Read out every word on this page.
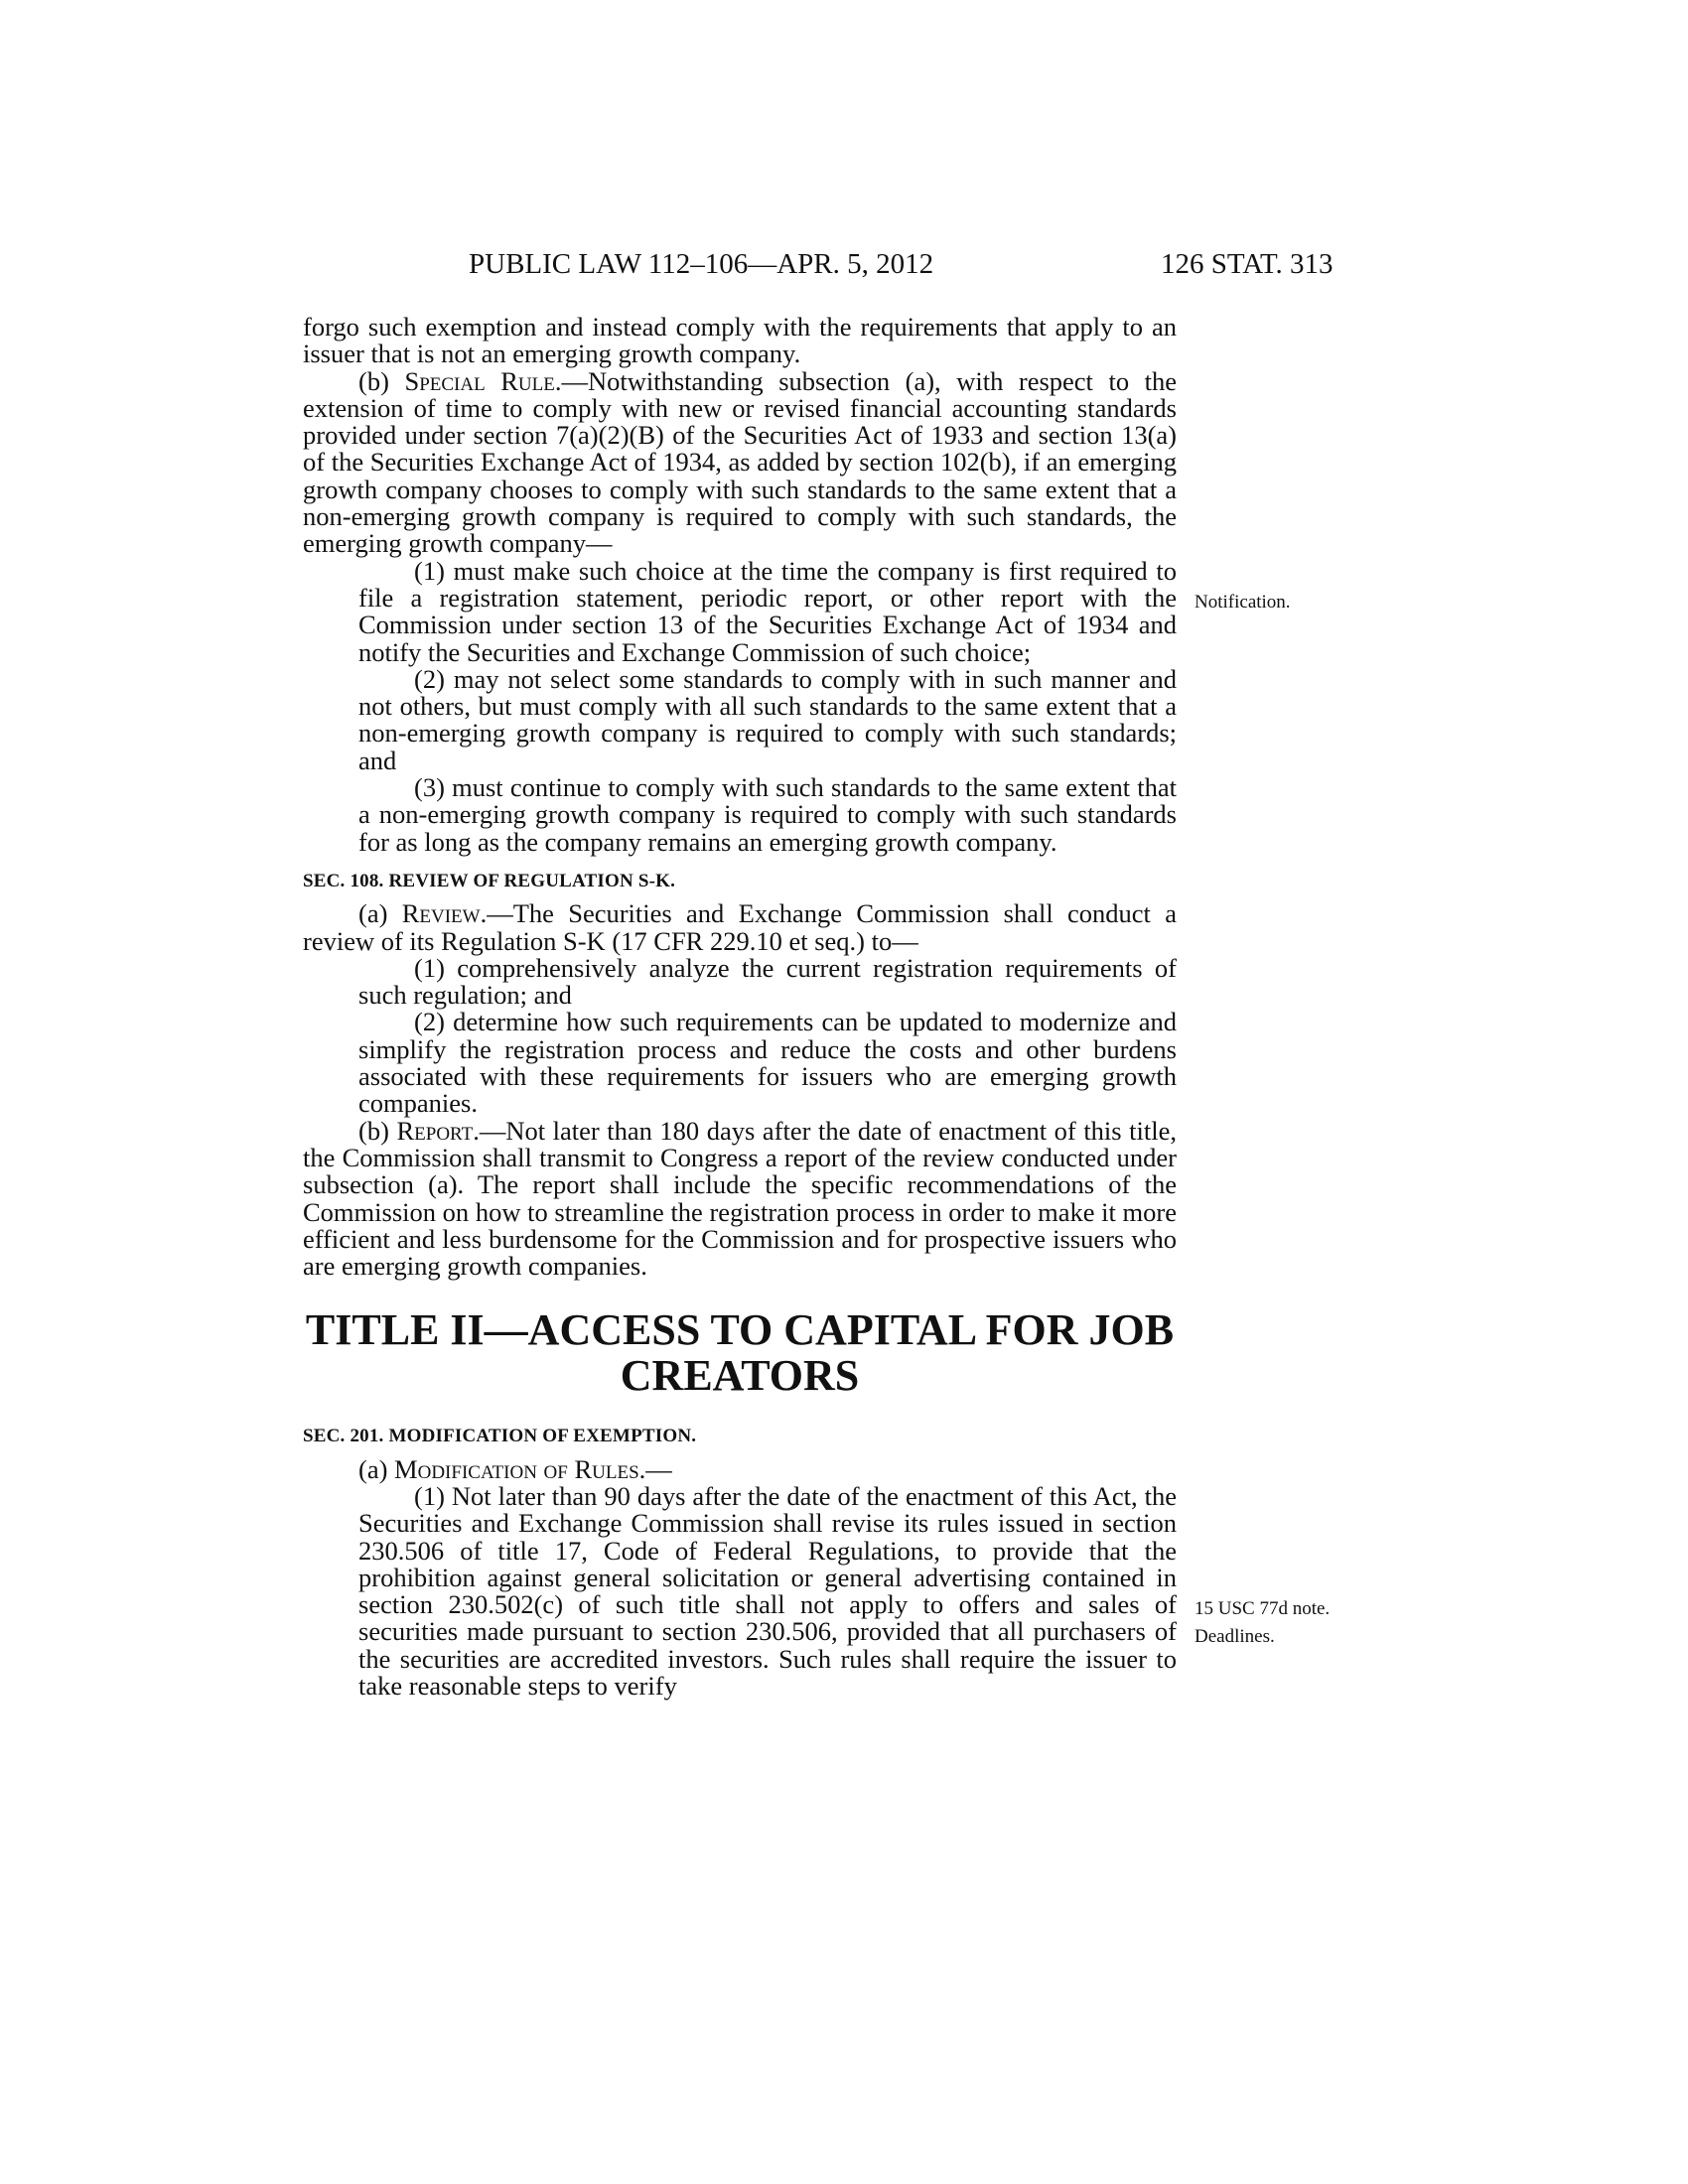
PUBLIC LAW 112–106—APR. 5, 2012	126 STAT. 313

forgo such exemption and instead comply with the requirements that apply to an issuer that is not an emerging growth company.

(b) Special Rule.—Notwithstanding subsection (a), with respect to the extension of time to comply with new or revised financial accounting standards provided under section 7(a)(2)(B) of the Securities Act of 1933 and section 13(a) of the Securities Exchange Act of 1934, as added by section 102(b), if an emerging growth company chooses to comply with such standards to the same extent that a non-emerging growth company is required to comply with such standards, the emerging growth company—

(1) must make such choice at the time the company is first required to file a registration statement, periodic report, or other report with the Commission under section 13 of the Securities Exchange Act of 1934 and notify the Securities and Exchange Commission of such choice;

(2) may not select some standards to comply with in such manner and not others, but must comply with all such standards to the same extent that a non-emerging growth company is required to comply with such standards; and

(3) must continue to comply with such standards to the same extent that a non-emerging growth company is required to comply with such standards for as long as the company remains an emerging growth company.

SEC. 108. REVIEW OF REGULATION S-K.

(a) Review.—The Securities and Exchange Commission shall conduct a review of its Regulation S-K (17 CFR 229.10 et seq.) to—

(1) comprehensively analyze the current registration requirements of such regulation; and

(2) determine how such requirements can be updated to modernize and simplify the registration process and reduce the costs and other burdens associated with these requirements for issuers who are emerging growth companies.

(b) Report.—Not later than 180 days after the date of enactment of this title, the Commission shall transmit to Congress a report of the review conducted under subsection (a). The report shall include the specific recommendations of the Commission on how to streamline the registration process in order to make it more efficient and less burdensome for the Commission and for prospective issuers who are emerging growth companies.

TITLE II—ACCESS TO CAPITAL FOR JOB
CREATORS

SEC. 201. MODIFICATION OF EXEMPTION.

(a) Modification of Rules.—

(1) Not later than 90 days after the date of the enactment of this Act, the Securities and Exchange Commission shall revise its rules issued in section 230.506 of title 17, Code of Federal Regulations, to provide that the prohibition against general solicitation or general advertising contained in section 230.502(c) of such title shall not apply to offers and sales of securities made pursuant to section 230.506, provided that all purchasers of the securities are accredited investors. Such rules shall require the issuer to take reasonable steps to verify

Notification.
15 USC 77d note.
Deadlines.
